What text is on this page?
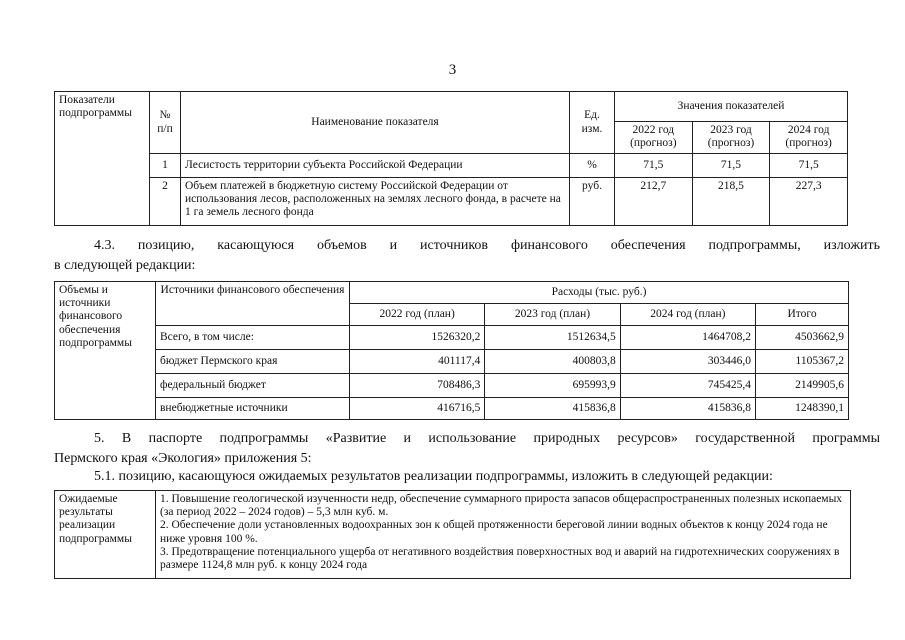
3
Показатели подпрограммы	№ п/п	Наименование показателя	Ед. изм.	Значения показателей		
				2022 год (прогноз)	2023 год (прогноз)	2024 год (прогноз)
	1	Лесистость территории субъекта Российской Федерации	%	71,5	71,5	71,5
	2	Объем платежей в бюджетную систему Российской Федерации от использования лесов, расположенных на землях лесного фонда, в расчете на 1 га земель лесного фонда	руб.	212,7	218,5	227,3
4.3. позицию, касающуюся объемов и источников финансового обеспечения подпрограммы, изложить
в следующей редакции:
Объемы и источники финансового обеспечения подпрограммы	Источники финансового обеспечения	Расходы (тыс. руб.)			
		2022 год (план)	2023 год (план)	2024 год (план)	Итого
	Всего, в том числе:	1526320,2	1512634,5	1464708,2	4503662,9
	бюджет Пермского края	401117,4	400803,8	303446,0	1105367,2
	федеральный бюджет	708486,3	695993,9	745425,4	2149905,6
	внебюджетные источники	416716,5	415836,8	415836,8	1248390,1
5. В паспорте подпрограммы «Развитие и использование природных ресурсов» государственной программы
Пермского края «Экология» приложения 5:
5.1. позицию, касающуюся ожидаемых результатов реализации подпрограммы, изложить в следующей редакции:
Ожидаемые результаты реализации подпрограммы	
1. Повышение геологической изученности недр, обеспечение суммарного прироста запасов общераспространенных полезных ископаемых (за период 2022 – 2024 годов) – 5,3 млн куб. м.
2. Обеспечение доли установленных водоохранных зон к общей протяженности береговой линии водных объектов к концу 2024 года не ниже уровня 100 %.
3. Предотвращение потенциального ущерба от негативного воздействия поверхностных вод и аварий на гидротехнических сооружениях в размере 1124,8 млн руб. к концу 2024 года
